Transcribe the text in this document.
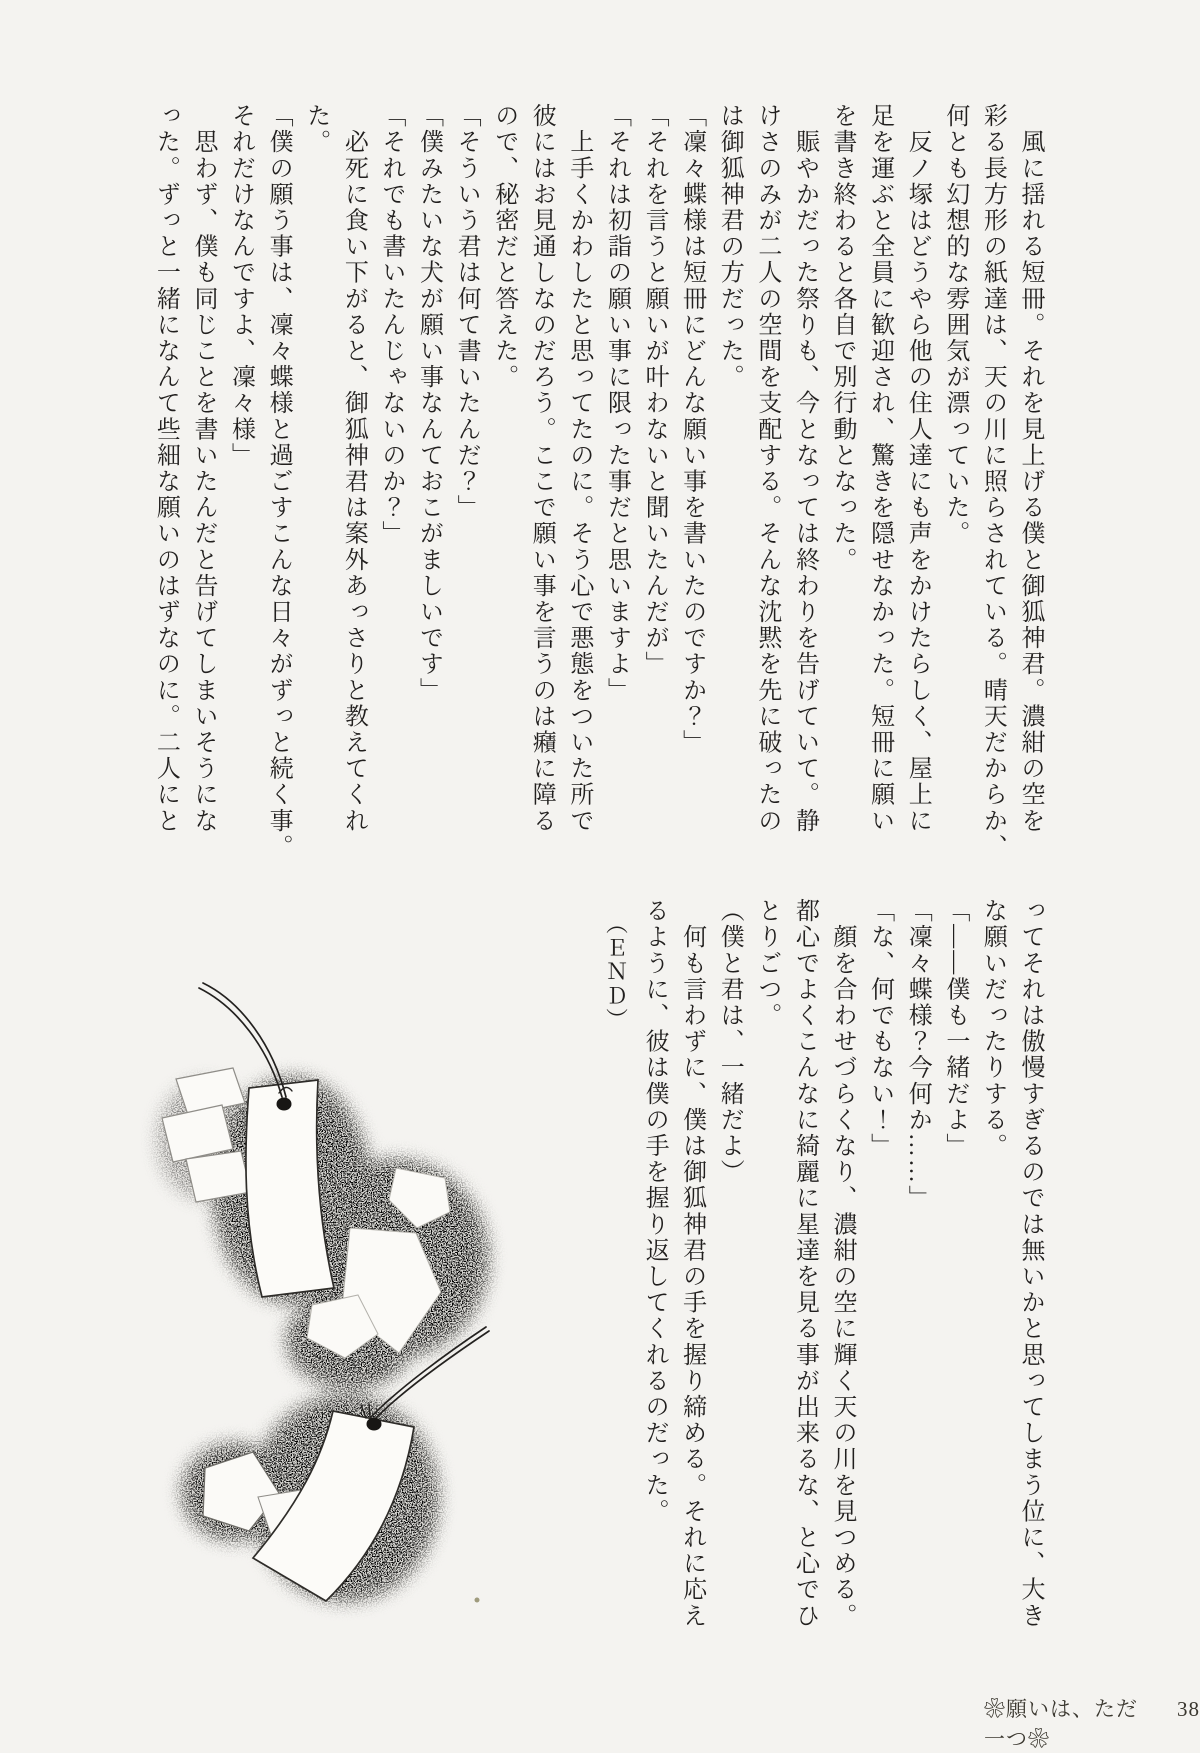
　風に揺れる短冊。それを見上げる僕と御狐神君。濃紺の空を

彩る長方形の紙達は、天の川に照らされている。晴天だからか、

何とも幻想的な雰囲気が漂っていた。

　反ノ塚はどうやら他の住人達にも声をかけたらしく、屋上に

足を運ぶと全員に歓迎され、驚きを隠せなかった。短冊に願い

を書き終わると各自で別行動となった。

　賑やかだった祭りも、今となっては終わりを告げていて。静

けさのみが二人の空間を支配する。そんな沈黙を先に破ったの

は御狐神君の方だった。

「凜々蝶様は短冊にどんな願い事を書いたのですか？」

「それを言うと願いが叶わないと聞いたんだが」

「それは初詣の願い事に限った事だと思いますよ」

　上手くかわしたと思ってたのに。そう心で悪態をついた所で

彼にはお見通しなのだろう。ここで願い事を言うのは癪に障る

ので、秘密だと答えた。

「そういう君は何て書いたんだ？」

「僕みたいな犬が願い事なんておこがましいです」

「それでも書いたんじゃないのか？」

　必死に食い下がると、御狐神君は案外あっさりと教えてくれ

た。

「僕の願う事は、凜々蝶様と過ごすこんな日々がずっと続く事。

それだけなんですよ、凜々様」

　思わず、僕も同じことを書いたんだと告げてしまいそうにな

った。ずっと一緒になんて些細な願いのはずなのに。二人にと

ってそれは傲慢すぎるのでは無いかと思ってしまう位に、大き

な願いだったりする。

「――僕も一緒だよ」

「凜々蝶様？今何か……」

「な、何でもない！」

　顔を合わせづらくなり、濃紺の空に輝く天の川を見つめる。

都心でよくこんなに綺麗に星達を見る事が出来るな、と心でひ

とりごつ。

（僕と君は、一緒だよ）

　何も言わずに、僕は御狐神君の手を握り締める。それに応え

るように、彼は僕の手を握り返してくれるのだった。

（ＥＮＤ）

❀願いは、ただ一つ❀
38
